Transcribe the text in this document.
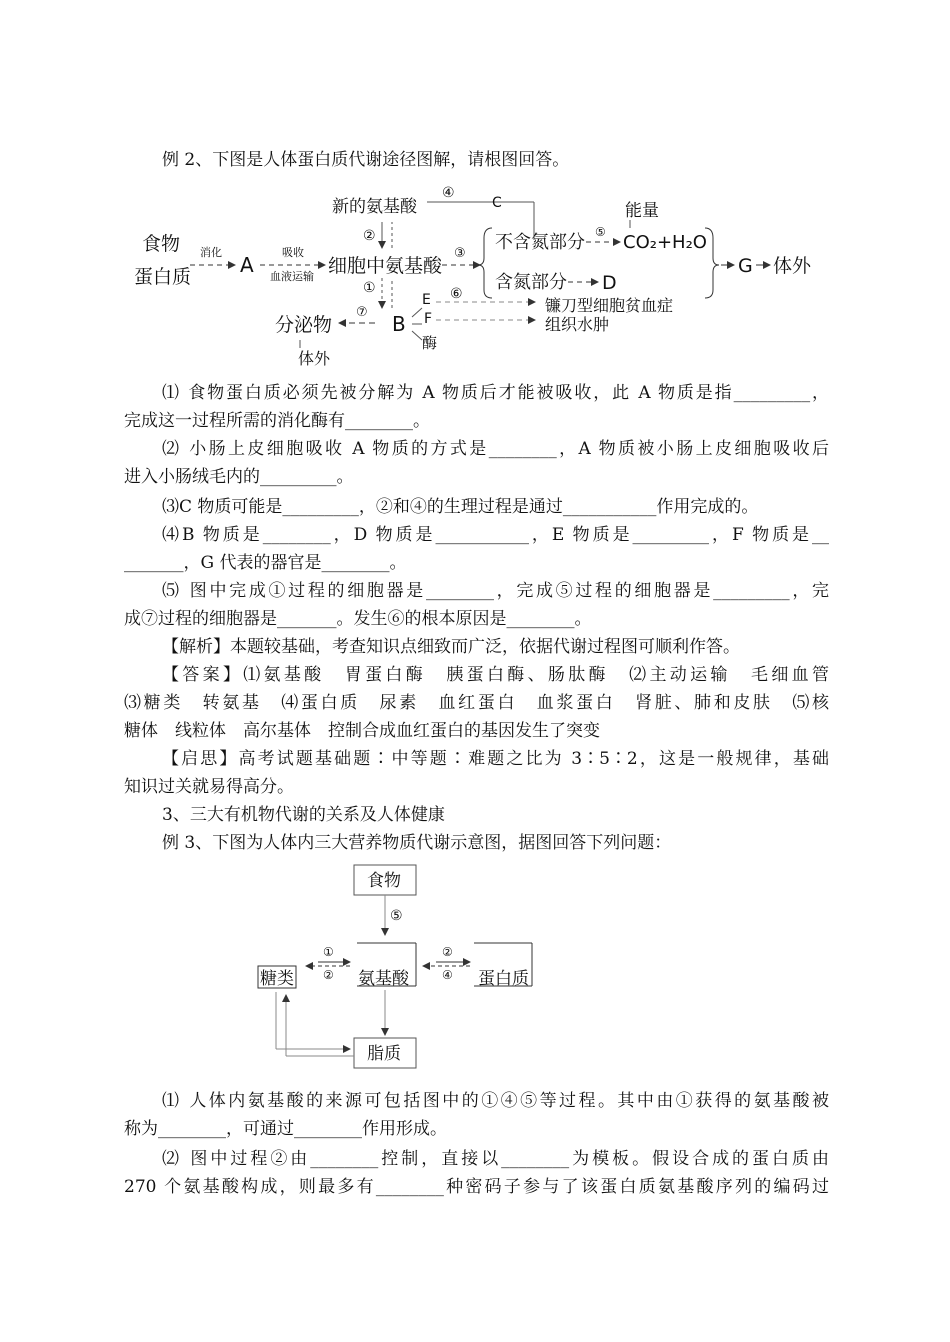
例 2、下图是人体蛋白质代谢途径图解，请根图回答。
食物
蛋白质
消化
A
吸收
血液运输 细胞中氨基酸
新的氨基酸
④
C
②
③
不含氮部分 ⑤
能量
CO₂+H₂O
含氮部分 D
G 体外
①
⑦
分泌物	B
体外
E
F
酶
⑥
镰刀型细胞贫血症
组织水肿
⑴ 食物蛋白质必须先被分解为 A 物质后才能被吸收，此 A 物质是指_________，
完成这一过程所需的消化酶有________。
⑵ 小肠上皮细胞吸收 A 物质的方式是________，A 物质被小肠上皮细胞吸收后
进入小肠绒毛内的_________。
⑶C 物质可能是_________，②和④的生理过程是通过___________作用完成的。
⑷B 物质是________，D 物质是___________，E 物质是_________，F 物质是__
_______，G 代表的器官是________。
⑸ 图中完成①过程的细胞器是________，完成⑤过程的细胞器是_________，完
成⑦过程的细胞器是_______。发生⑥的根本原因是________。
【解析】本题较基础，考查知识点细致而广泛，依据代谢过程图可顺利作答。
【答案】⑴氨基酸　胃蛋白酶　胰蛋白酶、肠肽酶　⑵主动运输　毛细血管
⑶糖类　转氨基　⑷蛋白质　尿素　血红蛋白　血浆蛋白　肾脏、肺和皮肤　⑸核
糖体　线粒体　高尔基体　控制合成血红蛋白的基因发生了突变
【启思】高考试题基础题∶中等题∶难题之比为 3∶5∶2，这是一般规律，基础
知识过关就易得高分。
3、三大有机物代谢的关系及人体健康
例 3、下图为人体内三大营养物质代谢示意图，据图回答下列问题：
食物
⑤
氨基酸
糖类
①
②
②
④ 蛋白质
脂质
⑴ 人体内氨基酸的来源可包括图中的①④⑤等过程。其中由①获得的氨基酸被
称为________，可通过________作用形成。
⑵ 图中过程②由________控制，直接以________为模板。假设合成的蛋白质由
270 个氨基酸构成，则最多有________种密码子参与了该蛋白质氨基酸序列的编码过
